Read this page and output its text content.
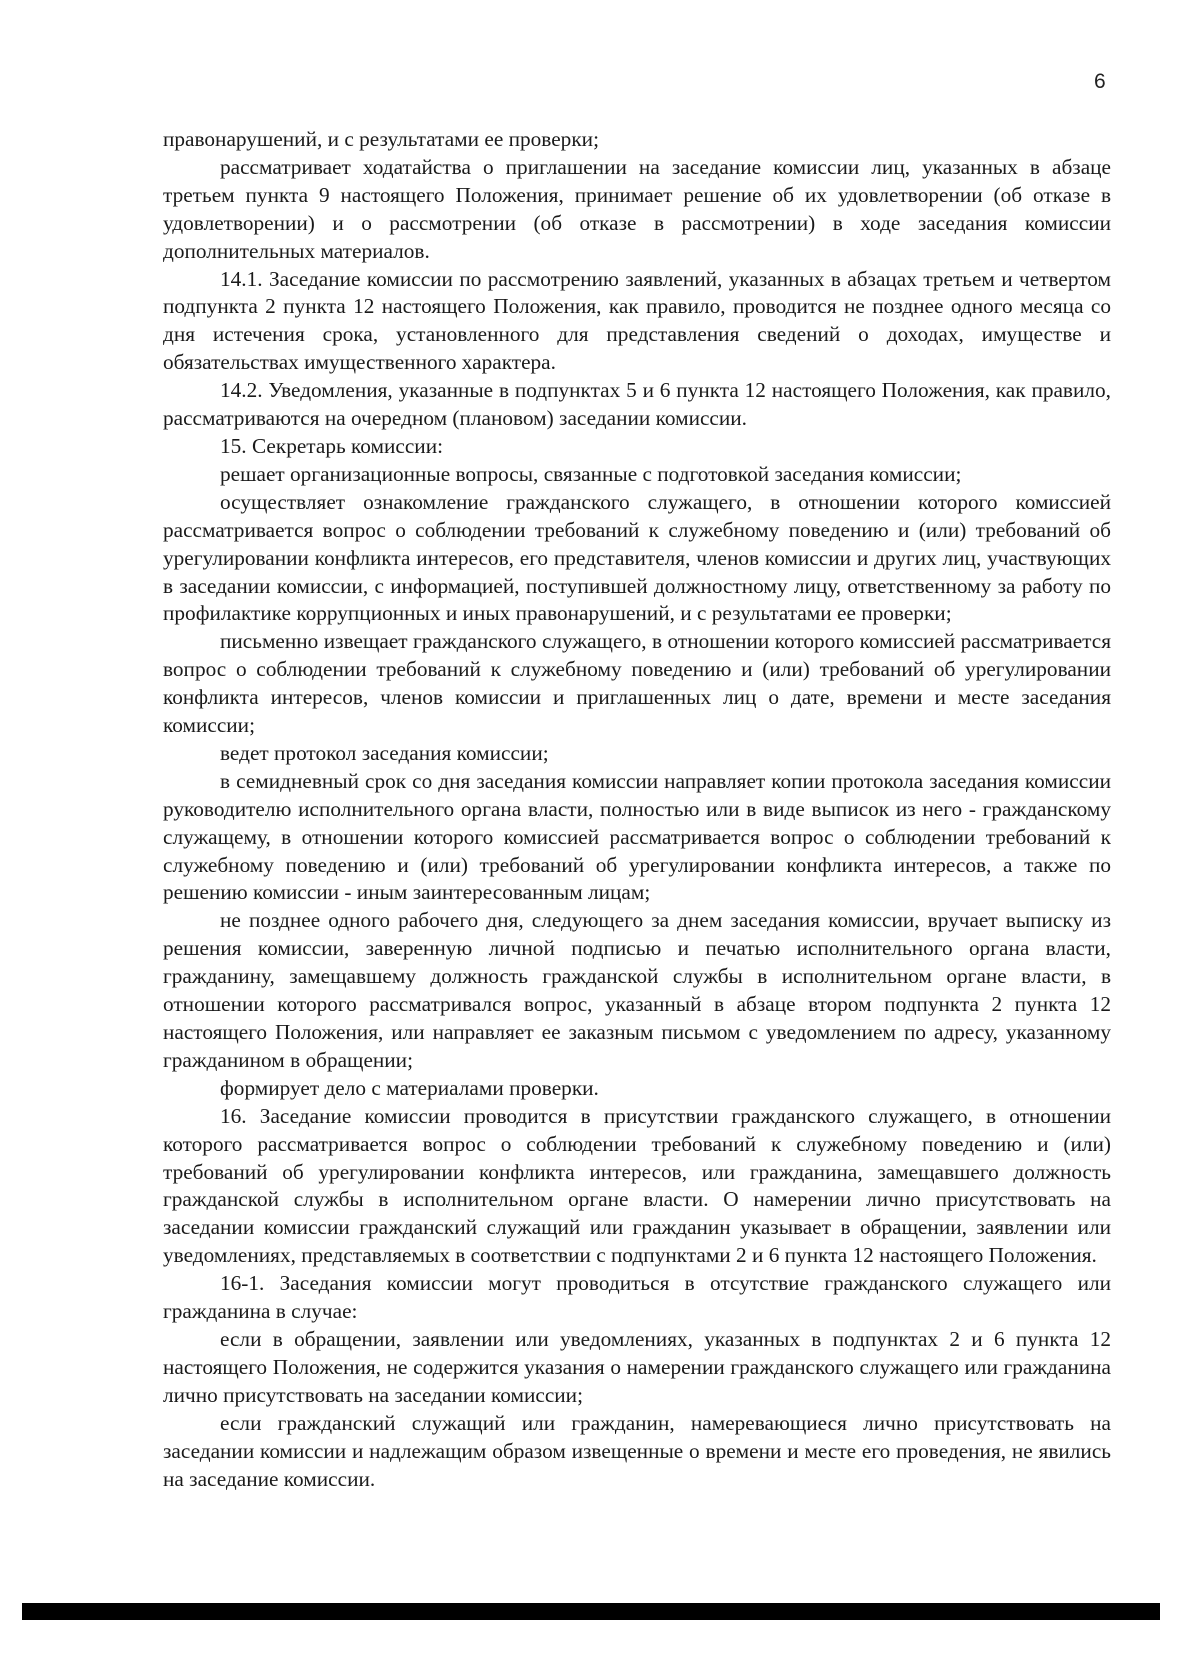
6

правонарушений, и с результатами ее проверки;

рассматривает ходатайства о приглашении на заседание комиссии лиц, указанных в абзаце третьем пункта 9 настоящего Положения, принимает решение об их удовлетворении (об отказе в удовлетворении) и о рассмотрении (об отказе в рассмотрении) в ходе заседания комиссии дополнительных материалов.

14.1. Заседание комиссии по рассмотрению заявлений, указанных в абзацах третьем и четвертом подпункта 2 пункта 12 настоящего Положения, как правило, проводится не позднее одного месяца со дня истечения срока, установленного для представления сведений о доходах, имуществе и обязательствах имущественного характера.

14.2. Уведомления, указанные в подпунктах 5 и 6 пункта 12 настоящего Положения, как правило, рассматриваются на очередном (плановом) заседании комиссии.

15. Секретарь комиссии:

решает организационные вопросы, связанные с подготовкой заседания комиссии;

осуществляет ознакомление гражданского служащего, в отношении которого комиссией рассматривается вопрос о соблюдении требований к служебному поведению и (или) требований об урегулировании конфликта интересов, его представителя, членов комиссии и других лиц, участвующих в заседании комиссии, с информацией, поступившей должностному лицу, ответственному за работу по профилактике коррупционных и иных правонарушений, и с результатами ее проверки;

письменно извещает гражданского служащего, в отношении которого комиссией рассматривается вопрос о соблюдении требований к служебному поведению и (или) требований об урегулировании конфликта интересов, членов комиссии и приглашенных лиц о дате, времени и месте заседания комиссии;

ведет протокол заседания комиссии;

в семидневный срок со дня заседания комиссии направляет копии протокола заседания комиссии руководителю исполнительного органа власти, полностью или в виде выписок из него - гражданскому служащему, в отношении которого комиссией рассматривается вопрос о соблюдении требований к служебному поведению и (или) требований об урегулировании конфликта интересов, а также по решению комиссии - иным заинтересованным лицам;

не позднее одного рабочего дня, следующего за днем заседания комиссии, вручает выписку из решения комиссии, заверенную личной подписью и печатью исполнительного органа власти, гражданину, замещавшему должность гражданской службы в исполнительном органе власти, в отношении которого рассматривался вопрос, указанный в абзаце втором подпункта 2 пункта 12 настоящего Положения, или направляет ее заказным письмом с уведомлением по адресу, указанному гражданином в обращении;

формирует дело с материалами проверки.

16. Заседание комиссии проводится в присутствии гражданского служащего, в отношении которого рассматривается вопрос о соблюдении требований к служебному поведению и (или) требований об урегулировании конфликта интересов, или гражданина, замещавшего должность гражданской службы в исполнительном органе власти. О намерении лично присутствовать на заседании комиссии гражданский служащий или гражданин указывает в обращении, заявлении или уведомлениях, представляемых в соответствии с подпунктами 2 и 6 пункта 12 настоящего Положения.

16-1. Заседания комиссии могут проводиться в отсутствие гражданского служащего или гражданина в случае:

если в обращении, заявлении или уведомлениях, указанных в подпунктах 2 и 6 пункта 12 настоящего Положения, не содержится указания о намерении гражданского служащего или гражданина лично присутствовать на заседании комиссии;

если гражданский служащий или гражданин, намеревающиеся лично присутствовать на заседании комиссии и надлежащим образом извещенные о времени и месте его проведения, не явились на заседание комиссии.
